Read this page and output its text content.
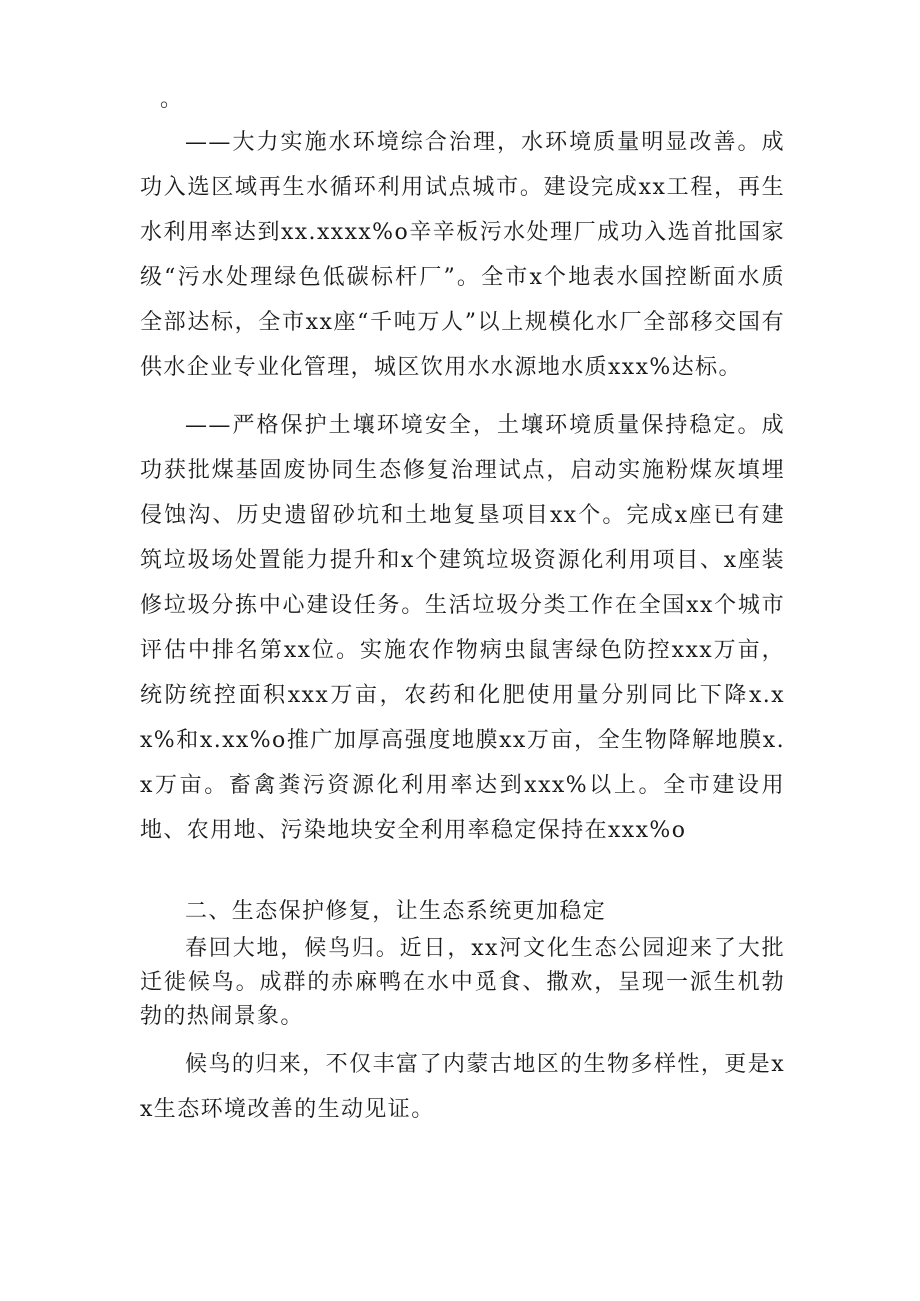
。

——大力实施水环境综合治理，水环境质量明显改善。成功入选区域再生水循环利用试点城市。建设完成xx工程，再生水利用率达到xx.xxxx%o辛辛板污水处理厂成功入选首批国家级“污水处理绿色低碳标杆厂”。全市x个地表水国控断面水质全部达标，全市xx座“千吨万人”以上规模化水厂全部移交国有供水企业专业化管理，城区饮用水水源地水质xxx%达标。

——严格保护土壤环境安全，土壤环境质量保持稳定。成功获批煤基固废协同生态修复治理试点，启动实施粉煤灰填埋侵蚀沟、历史遗留砂坑和土地复垦项目xx个。完成x座已有建筑垃圾场处置能力提升和x个建筑垃圾资源化利用项目、x座装修垃圾分拣中心建设任务。生活垃圾分类工作在全国xx个城市评估中排名第xx位。实施农作物病虫鼠害绿色防控xxx万亩，统防统控面积xxx万亩，农药和化肥使用量分别同比下降x.xx%和x.xx%o推广加厚高强度地膜xx万亩，全生物降解地膜x.x万亩。畜禽粪污资源化利用率达到xxx%以上。全市建设用地、农用地、污染地块安全利用率稳定保持在xxx%o

二、生态保护修复，让生态系统更加稳定

春回大地，候鸟归。近日，xx河文化生态公园迎来了大批迁徙候鸟。成群的赤麻鸭在水中觅食、撒欢，呈现一派生机勃勃的热闹景象。

候鸟的归来，不仅丰富了内蒙古地区的生物多样性，更是xx生态环境改善的生动见证。
